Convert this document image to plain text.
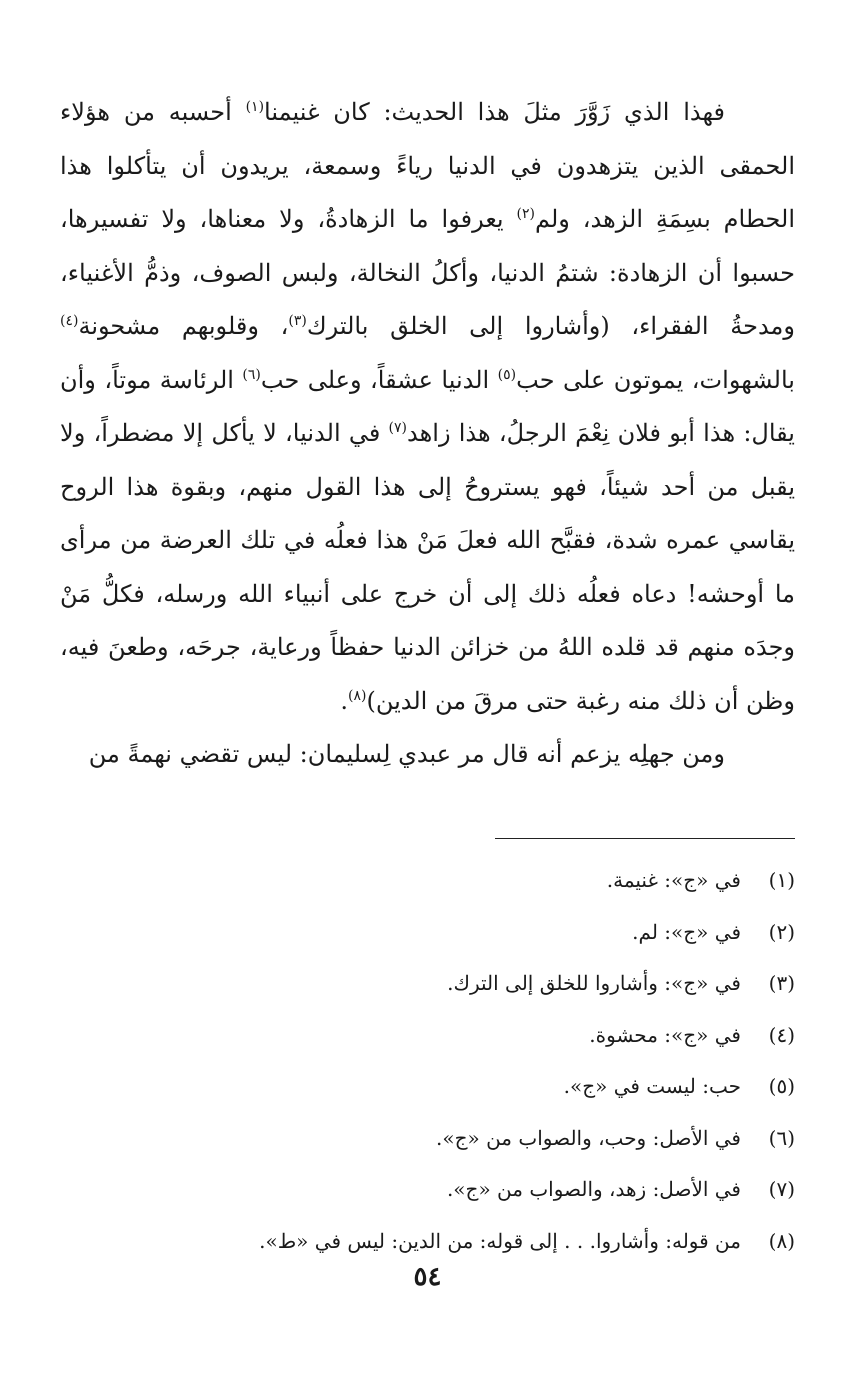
فهذا الذي زَوَّرَ مثلَ هذا الحديث: كان غنيمنا$^{(١)}$ أحسبه من هؤلاء الحمقى الذين يتزهدون في الدنيا رياءً وسمعة، يريدون أن يتأكلوا هذا الحطام بسِمَةِ الزهد، ولم$^{(٢)}$ يعرفوا ما الزهادةُ، ولا معناها، ولا تفسيرها، حسبوا أن الزهادة: شتمُ الدنيا، وأكلُ النخالة، ولبس الصوف، وذمُّ الأغنياء، ومدحةُ الفقراء، (وأشاروا إلى الخلق بالترك$^{(٣)}$، وقلوبهم مشحونة$^{(٤)}$ بالشهوات، يموتون على حب$^{(٥)}$ الدنيا عشقاً، وعلى حب$^{(٦)}$ الرئاسة موتاً، وأن يقال: هذا أبو فلان نِعْمَ الرجلُ، هذا زاهد$^{(٧)}$ في الدنيا، لا يأكل إلا مضطراً، ولا يقبل من أحد شيئاً، فهو يستروحُ إلى هذا القول منهم، وبقوة هذا الروح يقاسي عمره شدة، فقبَّح الله فعلَ مَنْ هذا فعلُه في تلك العرضة من مرأى ما أوحشه! دعاه فعلُه ذلك إلى أن خرج على أنبياء الله ورسله، فكلُّ مَنْ وجدَه منهم قد قلده اللهُ من خزائن الدنيا حفظاً ورعاية، جرحَه، وطعنَ فيه، وظن أن ذلك منه رغبة حتى مرقَ من الدين)$^{(٨)}$.

ومن جهلِه يزعم أنه قال مر عبدي لِسليمان: ليس تقضي نهمةً من

(١)في «ج»: غنيمة.
(٢)في «ج»: لم.
(٣)في «ج»: وأشاروا للخلق إلى الترك.
(٤)في «ج»: محشوة.
(٥)حب: ليست في «ج».
(٦)في الأصل: وحب، والصواب من «ج».
(٧)في الأصل: زهد، والصواب من «ج».
(٨)من قوله: وأشاروا. . . إلى قوله: من الدين: ليس في «ط».
٥٤
